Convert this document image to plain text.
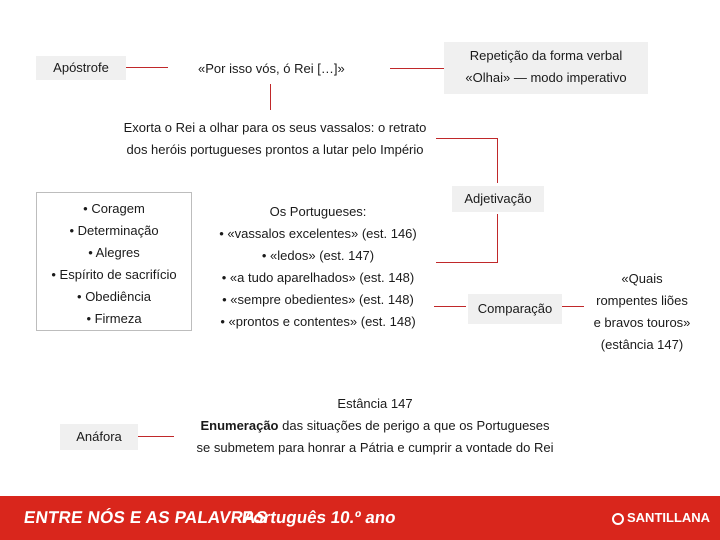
Apóstrofe	«Por isso vós, ó Rei […]»
Repetição da forma verbal
«Olhai» — modo imperativo
Exorta o Rei a olhar para os seus vassalos: o retrato
dos heróis portugueses prontos a lutar pelo Império
• Coragem
• Determinação
• Alegres
• Espírito de sacrifício
• Obediência
• Firmeza
Os Portugueses:
• «vassalos excelentes» (est. 146)
• «ledos» (est. 147)
• «a tudo aparelhados» (est. 148)
• «sempre obedientes» (est. 148)
• «prontos e contentes» (est. 148)
Adjetivação
Comparação
«Quais
rompentes liões
e bravos touros»
(estância 147)
Anáfora
Estância 147
Enumeração das situações de perigo a que os Portugueses
se submetem para honrar a Pátria e cumprir a vontade do Rei
ENTRE NÓS E AS PALAVRAS
Português 10.º ano	SANTILLANA
